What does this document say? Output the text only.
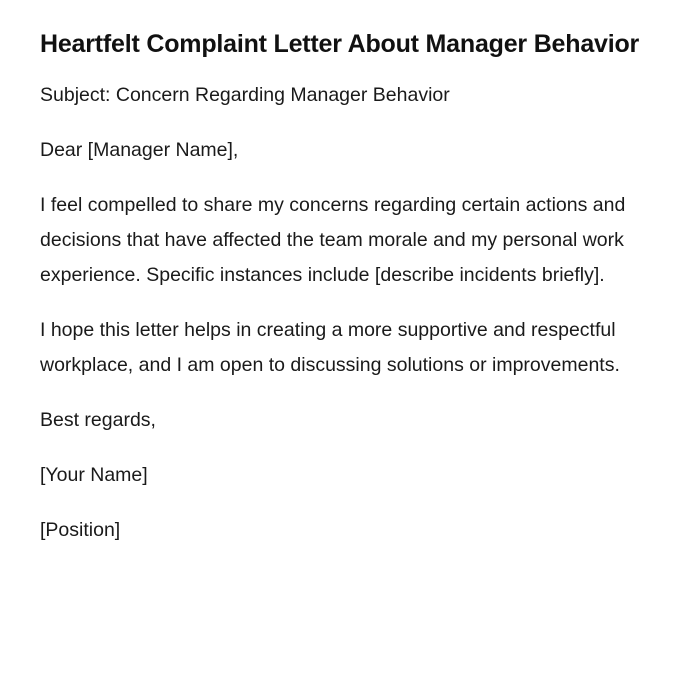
Heartfelt Complaint Letter About Manager Behavior

Subject: Concern Regarding Manager Behavior

Dear [Manager Name],

I feel compelled to share my concerns regarding certain actions and decisions that have affected the team morale and my personal work experience. Specific instances include [describe incidents briefly].

I hope this letter helps in creating a more supportive and respectful workplace, and I am open to discussing solutions or improvements.

Best regards,

[Your Name]

[Position]
